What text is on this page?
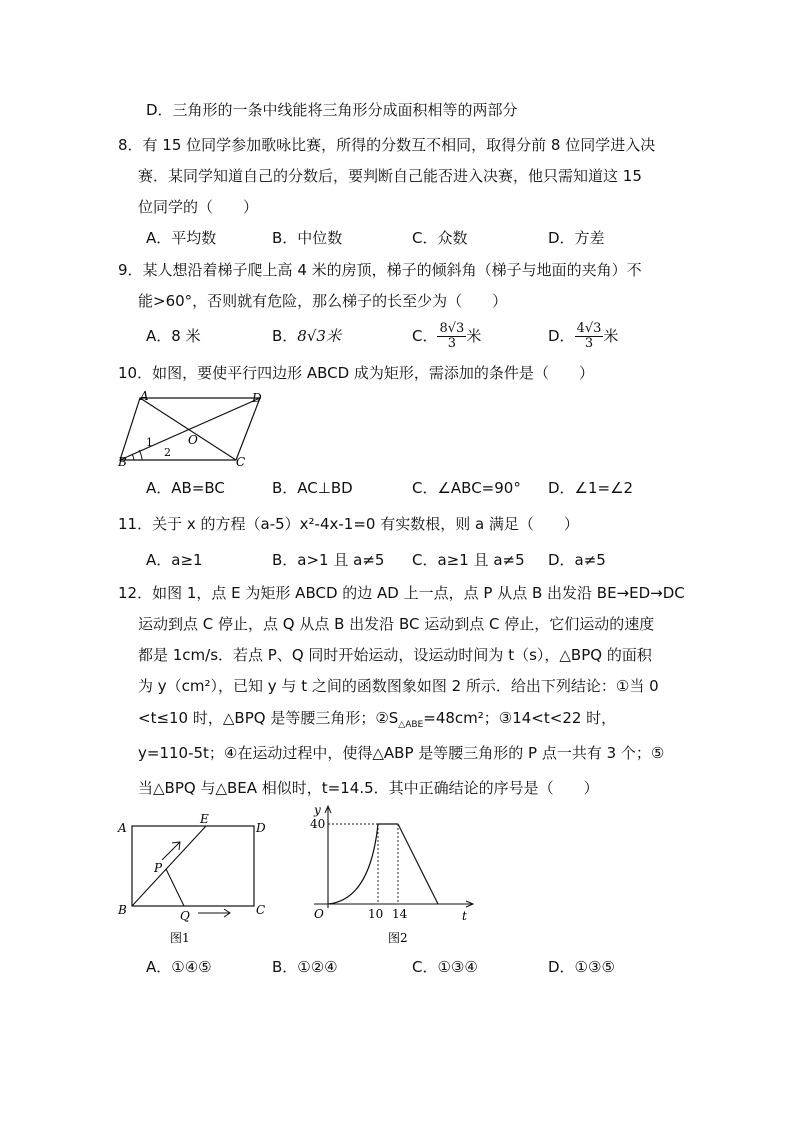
D．三角形的一条中线能将三角形分成面积相等的两部分
8．有 15 位同学参加歌咏比赛，所得的分数互不相同，取得分前 8 位同学进入决
赛．某同学知道自己的分数后，要判断自己能否进入决赛，他只需知道这 15
位同学的（　　）
A．平均数	B．中位数	C．众数	D．方差
9．某人想沿着梯子爬上高 4 米的房顶，梯子的倾斜角（梯子与地面的夹角）不
能>60°，否则就有危险，那么梯子的长至少为（　　）
A．8 米	B．8√3米	C． $\frac{8√3}{3}$ 米	D． $\frac{4√3}{3}$ 米
10．如图，要使平行四边形 ABCD 成为矩形，需添加的条件是（　　）
A	D
B	C
O
1
2
A．AB=BC	B．AC⊥BD	C．∠ABC=90° D．∠1=∠2
11．关于 x 的方程（a-5）x²-4x-1=0 有实数根，则 a 满足（　　）
A．a≥1	B．a>1 且 a≠5 C．a≥1 且 a≠5 D．a≠5
12．如图 1，点 E 为矩形 ABCD 的边 AD 上一点，点 P 从点 B 出发沿 BE→ED→DC
运动到点 C 停止，点 Q 从点 B 出发沿 BC 运动到点 C 停止，它们运动的速度
都是 1cm/s．若点 P、Q 同时开始运动，设运动时间为 t（s），△BPQ 的面积
为 y（cm²），已知 y 与 t 之间的函数图象如图 2 所示．给出下列结论：①当 0
<t≤10 时，△BPQ 是等腰三角形；$②S_{\triangle ABE}=48cm^2$；③14<t<22 时，
y=110-5t；④在运动过程中，使得△ABP 是等腰三角形的 P 点一共有 3 个；⑤
当△BPQ 与△BEA 相似时，t=14.5．其中正确结论的序号是（　　）
A
E
D
B	C
P
Q
图1
y
40
O	10 14	t
图2
A．①④⑤	B．①②④	C．①③④	D．①③⑤
